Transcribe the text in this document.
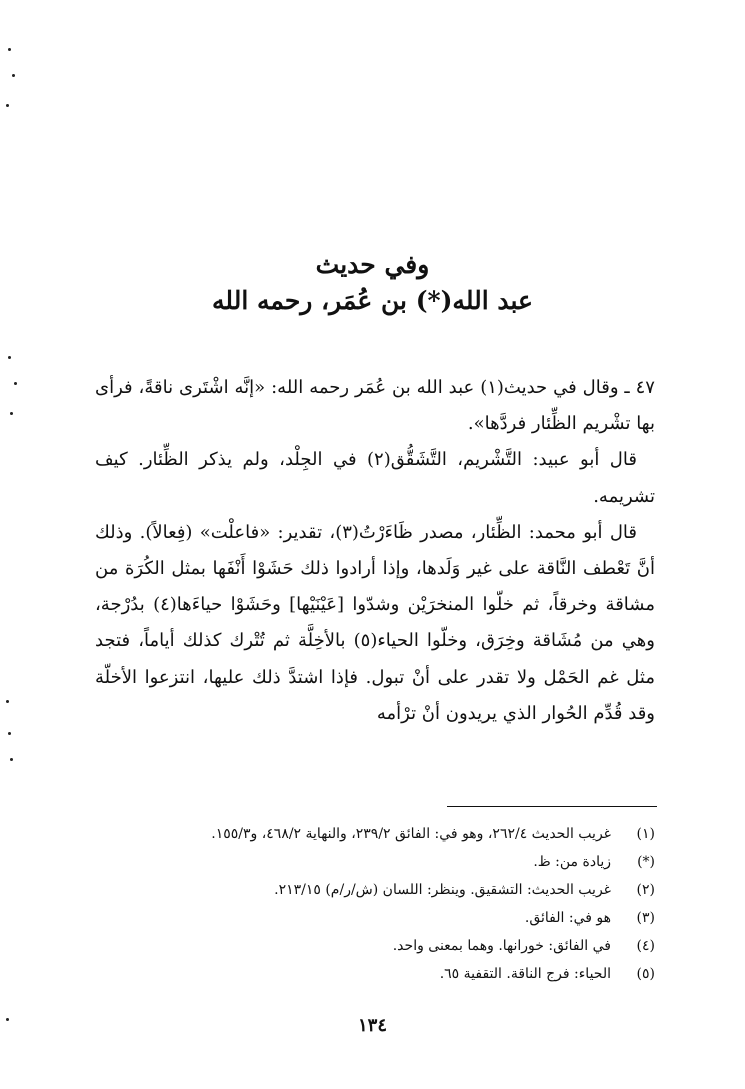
وفي حديث
عبد الله(*) بن عُمَر، رحمه الله

٤٧ ـ وقال في حديث(١) عبد الله بن عُمَر رحمه الله: «إنَّه اشْتَرى ناقةً، فرأى بها تشْريم الظِّئار فردَّها».

قال أبو عبيد: التَّشْريم، التَّشَقُّق(٢) في الجِلْد، ولم يذكر الظِّئار. كيف تشريمه.

قال أبو محمد: الظِّئار، مصدر ظَاءَرْتُ(٣)، تقدير: «فاعلْت» (فِعالاً). وذلك أنَّ تَعْطف النَّاقة على غير وَلَدها، وإذا أرادوا ذلك حَشَوْا أَنْفَها بمثل الكُرَة من مشاقة وخرقاً، ثم خلّوا المنخرَيْن وشدّوا [عَيْنَيْها] وحَشَوْا حياءَها(٤) بدُرْجة، وهي من مُشَاقة وخِرَق، وخلّوا الحياء(٥) بالأخِلَّة ثم تُتْرك كذلك أياماً، فتجد مثل غم الحَمْل ولا تقدر على أنْ تبول. فإذا اشتدَّ ذلك عليها، انتزعوا الأخلّة وقد قُدِّم الحُوار الذي يريدون أنْ ترْأمه

(١)
غريب الحديث ٢٦٢/٤، وهو في: الفائق ٢٣٩/٢، والنهاية ٤٦٨/٢، و١٥٥/٣.
(*)
زيادة من: ظ.
(٢)
غريب الحديث: التشقيق. وينظر: اللسان (ش/ر/م) ٢١٣/١٥.
(٣)
هو في: الفائق.
(٤)
في الفائق: خورانها. وهما بمعنى واحد.
(٥)
الحياء: فرج الناقة. التقفية ٦٥.
١٣٤
